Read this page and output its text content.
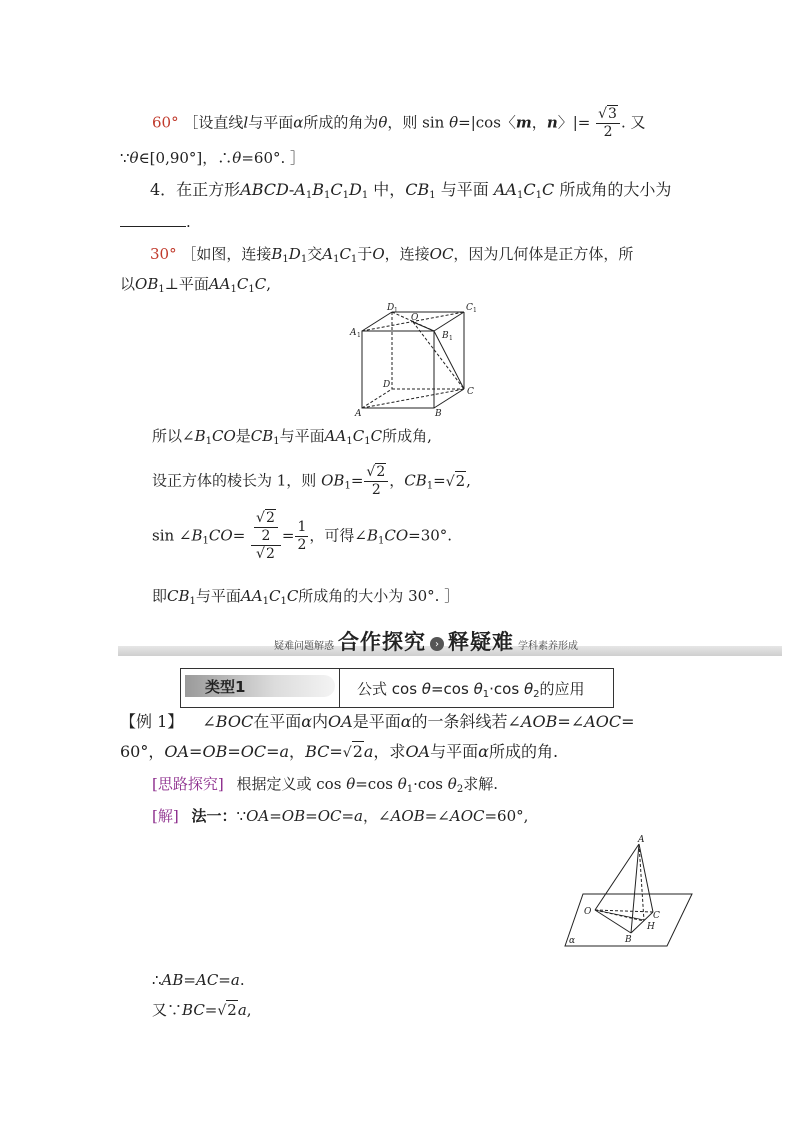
60° ［设直线l与平面α所成的角为θ，则 sin θ=|cos〈m，n〉|= $\frac{√3}{2}$ . 又
∵θ∈[0,90°]，∴θ=60°. ］
4．在正方形ABCD-$A_1B_1C_1D_1$ 中，$CB_1$ 与平面 $AA_1C_1C$ 所成角的大小为
.
30° ［如图，连接$B_1D_1$交$A_1C_1$于O，连接OC，因为几何体是正方体，所
以$OB_1\perp$平面$AA_1C_1C$,
D	C
A	B
O
D
A	B
C
1	1
1	1
所以$\angle B_1CO$是$CB_1$与平面$AA_1C_1C$所成角,
设正方体的棱长为 1，则 $OB_1= \frac{√2}{2}$ ，$CB_1=√2$,
$\sin \angle B_1CO= \frac{\frac{√2}{2}}{√2} = \frac{1}{2}$ ，可得$\angle B_1CO=30^\circ$.
即$CB_1$与平面$AA_1C_1C$所成角的大小为 30°. ］
疑难问题解惑 合作探究 › 释疑难 学科素养形成
类型1	公式 cos θ=cos $\theta_1\cdot\cos$ $\theta_2$的应用
【例 1】 ∠BOC在平面α内OA是平面α的一条斜线若∠AOB=∠AOC=
60°，OA=OB=OC=a，BC=√2a，求OA与平面α所成的角.
[思路探究] 根据定义或 cos θ=cos $\theta_1\cdot\cos$ $\theta_2$求解.
[解] 法一：∵OA=OB=OC=a，∠AOB=∠AOC=60°,
A
O	C
H
B
α
∴AB=AC=a.
又∵BC=√2a,
